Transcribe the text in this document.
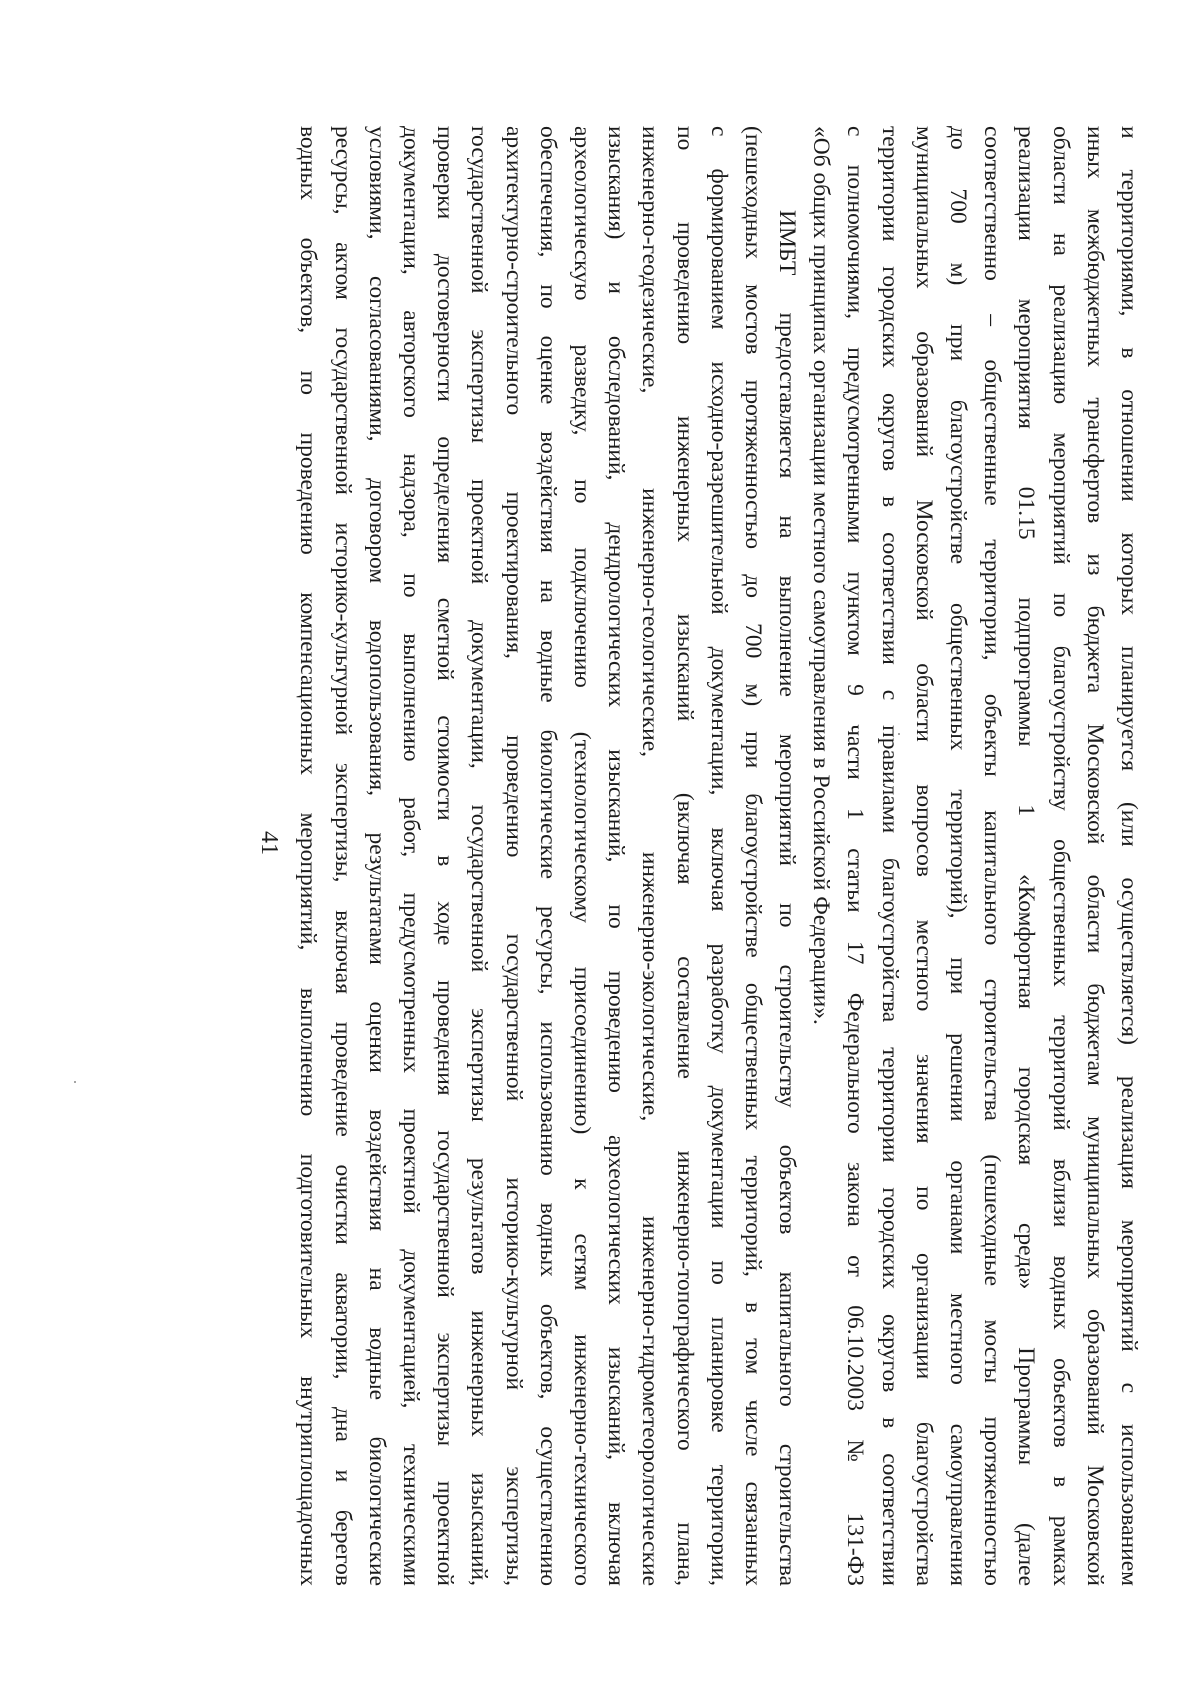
41	и территориями, в отношении которых планируется (или осуществляется) реализация мероприятий с использованием
иных межбюджетных трансфертов из бюджета Московской области бюджетам муниципальных образований Московской
области на реализацию мероприятий по благоустройству общественных территорий вблизи водных объектов в рамках
реализации мероприятия 01.15 подпрограммы 1 «Комфортная городская среда» Программы (далее
соответственно – общественные территории, объекты капитального строительства (пешеходные мосты протяженностью
до 700 м) при благоустройстве общественных территорий), при решении органами местного самоуправления
муниципальных образований Московской области вопросов местного значения по организации благоустройства
территории городских округов в соответствии с правилами благоустройства территории городских округов в соответствии
с полномочиями, предусмотренными пунктом 9 части 1 статьи 17 Федерального закона от 06.10.2003 № 131-ФЗ
«Об общих принципах организации местного самоуправления в Российской Федерации».
ИМБТ предоставляется на выполнение мероприятий по строительству объектов капитального строительства
(пешеходных мостов протяженностью до 700 м) при благоустройстве общественных территорий, в том числе связанных
с формированием исходно-разрешительной документации, включая разработку документации по планировке территории,
по проведению инженерных изысканий (включая составление инженерно-топографического плана,
инженерно-геодезические, инженерно-геологические, инженерно-экологические, инженерно-гидрометеорологические
изыскания) и обследований, дендрологических изысканий, по проведению археологических изысканий, включая
археологическую разведку, по подключению (технологическому присоединению) к сетям инженерно-технического
обеспечения, по оценке воздействия на водные биологические ресурсы, использованию водных объектов, осуществлению
архитектурно-строительного проектирования, проведению государственной историко-культурной экспертизы,
государственной экспертизы проектной документации, государственной экспертизы результатов инженерных изысканий,
проверки достоверности определения сметной стоимости в ходе проведения государственной экспертизы проектной
документации, авторского надзора, по выполнению работ, предусмотренных проектной документацией, техническими
условиями, согласованиями, договором водопользования, результатами оценки воздействия на водные биологические
ресурсы, актом государственной историко-культурной экспертизы, включая проведение очистки акватории, дна и берегов
водных объектов, по проведению компенсационных мероприятий, выполнению подготовительных внутриплощадочных
